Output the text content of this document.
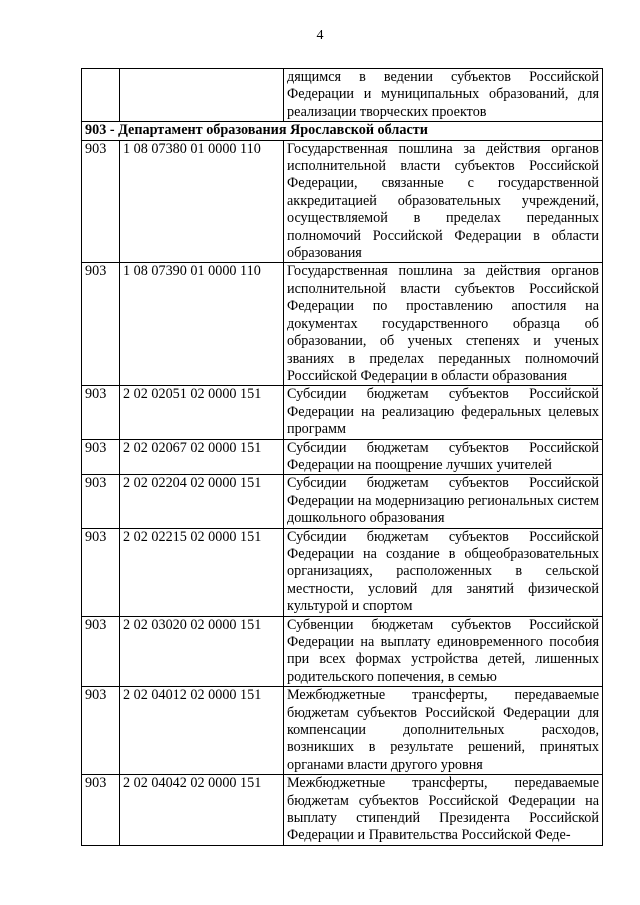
4
		дящимся в ведении субъектов Российской Федерации и муниципальных образований, для реализации творческих проектов
903 - Департамент образования Ярославской области		
903	1 08 07380 01 0000 110	Государственная пошлина за действия органов исполнительной власти субъектов Российской Федерации, связанные с государственной аккредитацией образовательных учреждений, осуществляемой в пределах переданных полномочий Российской Федерации в области образования
903	1 08 07390 01 0000 110	Государственная пошлина за действия органов исполнительной власти субъектов Российской Федерации по проставлению апостиля на документах государственного образца об образовании, об ученых степенях и ученых званиях в пределах переданных полномочий Российской Федерации в области образования
903	2 02 02051 02 0000 151	Субсидии бюджетам субъектов Российской Федерации на реализацию федеральных целевых программ
903	2 02 02067 02 0000 151	Субсидии бюджетам субъектов Российской Федерации на поощрение лучших учителей
903	2 02 02204 02 0000 151	Субсидии бюджетам субъектов Российской Федерации на модернизацию региональных систем дошкольного образования
903	2 02 02215 02 0000 151	Субсидии бюджетам субъектов Российской Федерации на создание в общеобразовательных организациях, расположенных в сельской местности, условий для занятий физической культурой и спортом
903	2 02 03020 02 0000 151	Субвенции бюджетам субъектов Российской Федерации на выплату единовременного пособия при всех формах устройства детей, лишенных родительского попечения, в семью
903	2 02 04012 02 0000 151	Межбюджетные трансферты, передаваемые бюджетам субъектов Российской Федерации для компенсации дополнительных расходов, возникших в результате решений, принятых органами власти другого уровня
903	2 02 04042 02 0000 151	Межбюджетные трансферты, передаваемые бюджетам субъектов Российской Федерации на выплату стипендий Президента Российской Федерации и Правительства Российской Феде-
